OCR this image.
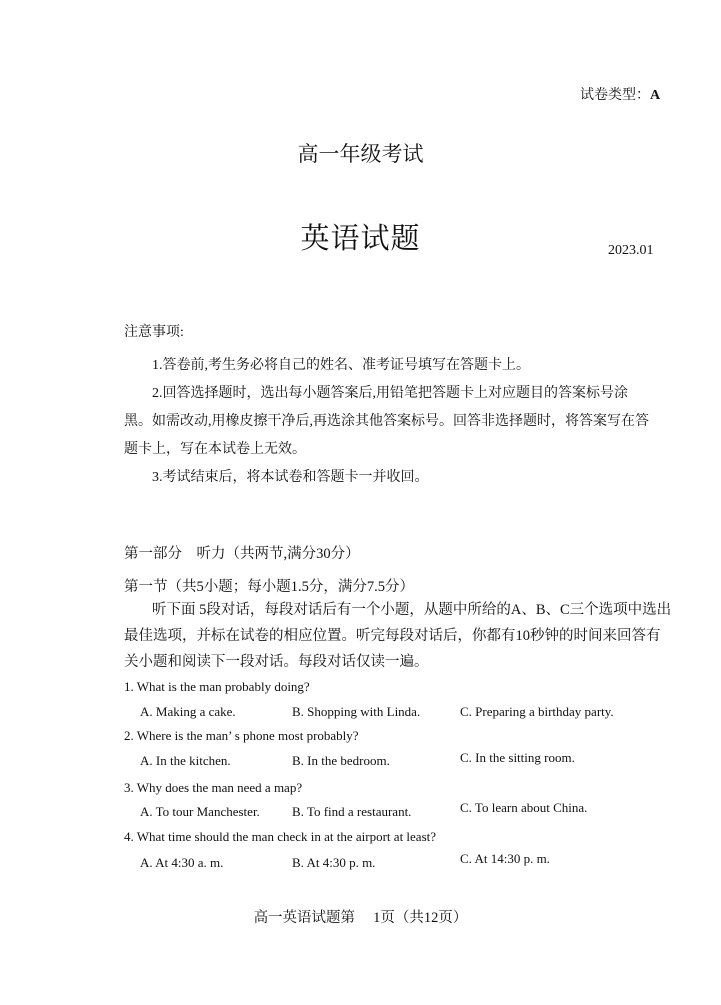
试卷类型：A
高一年级考试
英语试题	2023.01
注意事项:

1.答卷前,考生务必将自己的姓名、准考证号填写在答题卡上。

2.回答选择题时，选出每小题答案后,用铅笔把答题卡上对应题目的答案标号涂黑。如需改动,用橡皮擦干净后,再选涂其他答案标号。回答非选择题时，将答案写在答题卡上，写在本试卷上无效。

3.考试结束后，将本试卷和答题卡一并收回。

第一部分　听力（共两节,满分30分）
第一节（共5小题；每小题1.5分，满分7.5分）
听下面 5段对话，每段对话后有一个小题，从题中所给的A、B、C三个选项中选出最佳选项，并标在试卷的相应位置。听完每段对话后，你都有10秒钟的时间来回答有关小题和阅读下一段对话。每段对话仅读一遍。
1. What is the man probably doing?
A. Making a cake.	B. Shopping with Linda.	C. Preparing a birthday party.
2. Where is the man’ s phone most probably?
A. In the kitchen.	B. In the bedroom.	C. In the sitting room.
3. Why does the man need a map?
A. To tour Manchester. B. To find a restaurant.	C. To learn about China.
4. What time should the man check in at the airport at least?
A. At 4:30 a. m.	B. At 4:30 p. m.	C. At 14:30 p. m.
高一英语试题第　 1页（共12页）
